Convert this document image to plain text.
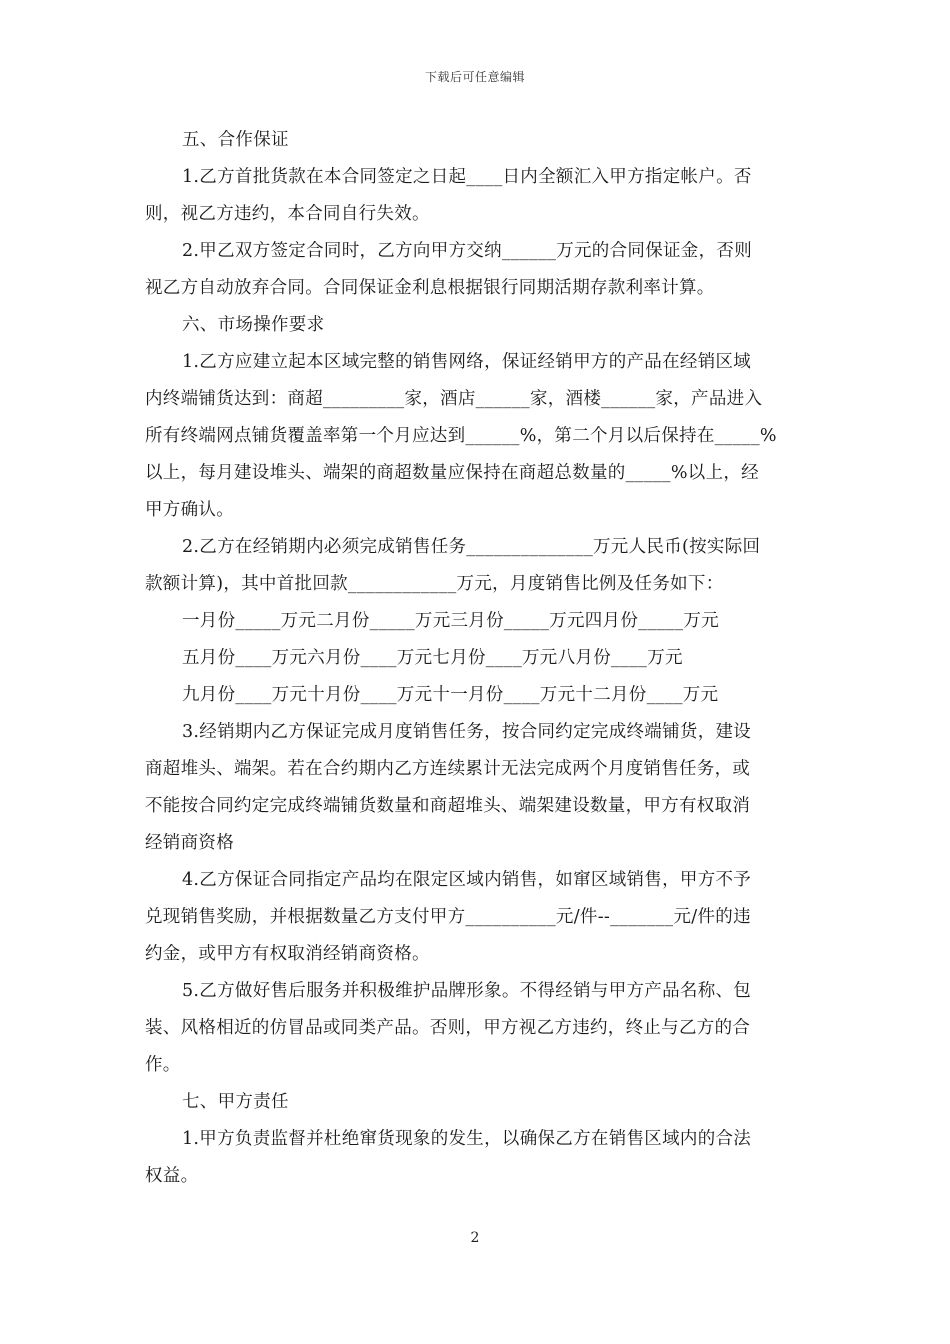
下载后可任意编辑
五、合作保证
1.乙方首批货款在本合同签定之日起____日内全额汇入甲方指定帐户。否
则，视乙方违约，本合同自行失效。
2.甲乙双方签定合同时，乙方向甲方交纳______万元的合同保证金，否则
视乙方自动放弃合同。合同保证金利息根据银行同期活期存款利率计算。
六、市场操作要求
1.乙方应建立起本区域完整的销售网络，保证经销甲方的产品在经销区域
内终端铺货达到：商超_________家，酒店______家，酒楼______家，产品进入
所有终端网点铺货覆盖率第一个月应达到______%，第二个月以后保持在_____%
以上，每月建设堆头、端架的商超数量应保持在商超总数量的_____%以上，经
甲方确认。
2.乙方在经销期内必须完成销售任务______________万元人民币(按实际回
款额计算)，其中首批回款____________万元，月度销售比例及任务如下：
一月份_____万元二月份_____万元三月份_____万元四月份_____万元
五月份____万元六月份____万元七月份____万元八月份____万元
九月份____万元十月份____万元十一月份____万元十二月份____万元
3.经销期内乙方保证完成月度销售任务，按合同约定完成终端铺货，建设
商超堆头、端架。若在合约期内乙方连续累计无法完成两个月度销售任务，或
不能按合同约定完成终端铺货数量和商超堆头、端架建设数量，甲方有权取消
经销商资格
4.乙方保证合同指定产品均在限定区域内销售，如窜区域销售，甲方不予
兑现销售奖励，并根据数量乙方支付甲方__________元/件--_______元/件的违
约金，或甲方有权取消经销商资格。
5.乙方做好售后服务并积极维护品牌形象。不得经销与甲方产品名称、包
装、风格相近的仿冒品或同类产品。否则，甲方视乙方违约，终止与乙方的合
作。
七、甲方责任
1.甲方负责监督并杜绝窜货现象的发生，以确保乙方在销售区域内的合法
权益。
2
